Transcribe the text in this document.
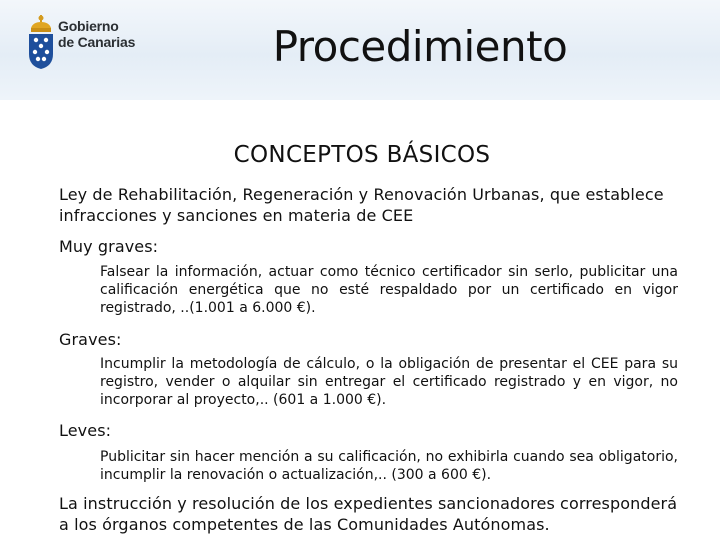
Gobierno
de Canarias	Procedimiento
CONCEPTOS BÁSICOS
Ley de Rehabilitación, Regeneración y Renovación Urbanas, que establece infracciones y sanciones en materia de CEE
Muy graves:
Falsear la información, actuar como técnico certificador sin serlo, publicitar una calificación energética que no esté respaldado por un certificado en vigor registrado, ..(1.001 a 6.000 €).
Graves:
Incumplir la metodología de cálculo, o la obligación de presentar el CEE para su registro, vender o alquilar sin entregar el certificado registrado y en vigor, no incorporar al proyecto,.. (601 a 1.000 €).
Leves:
Publicitar sin hacer mención a su calificación, no exhibirla cuando sea obligatorio, incumplir la renovación o actualización,.. (300 a 600 €).
La instrucción y resolución de los expedientes sancionadores corresponderá a los órganos competentes de las Comunidades Autónomas.
